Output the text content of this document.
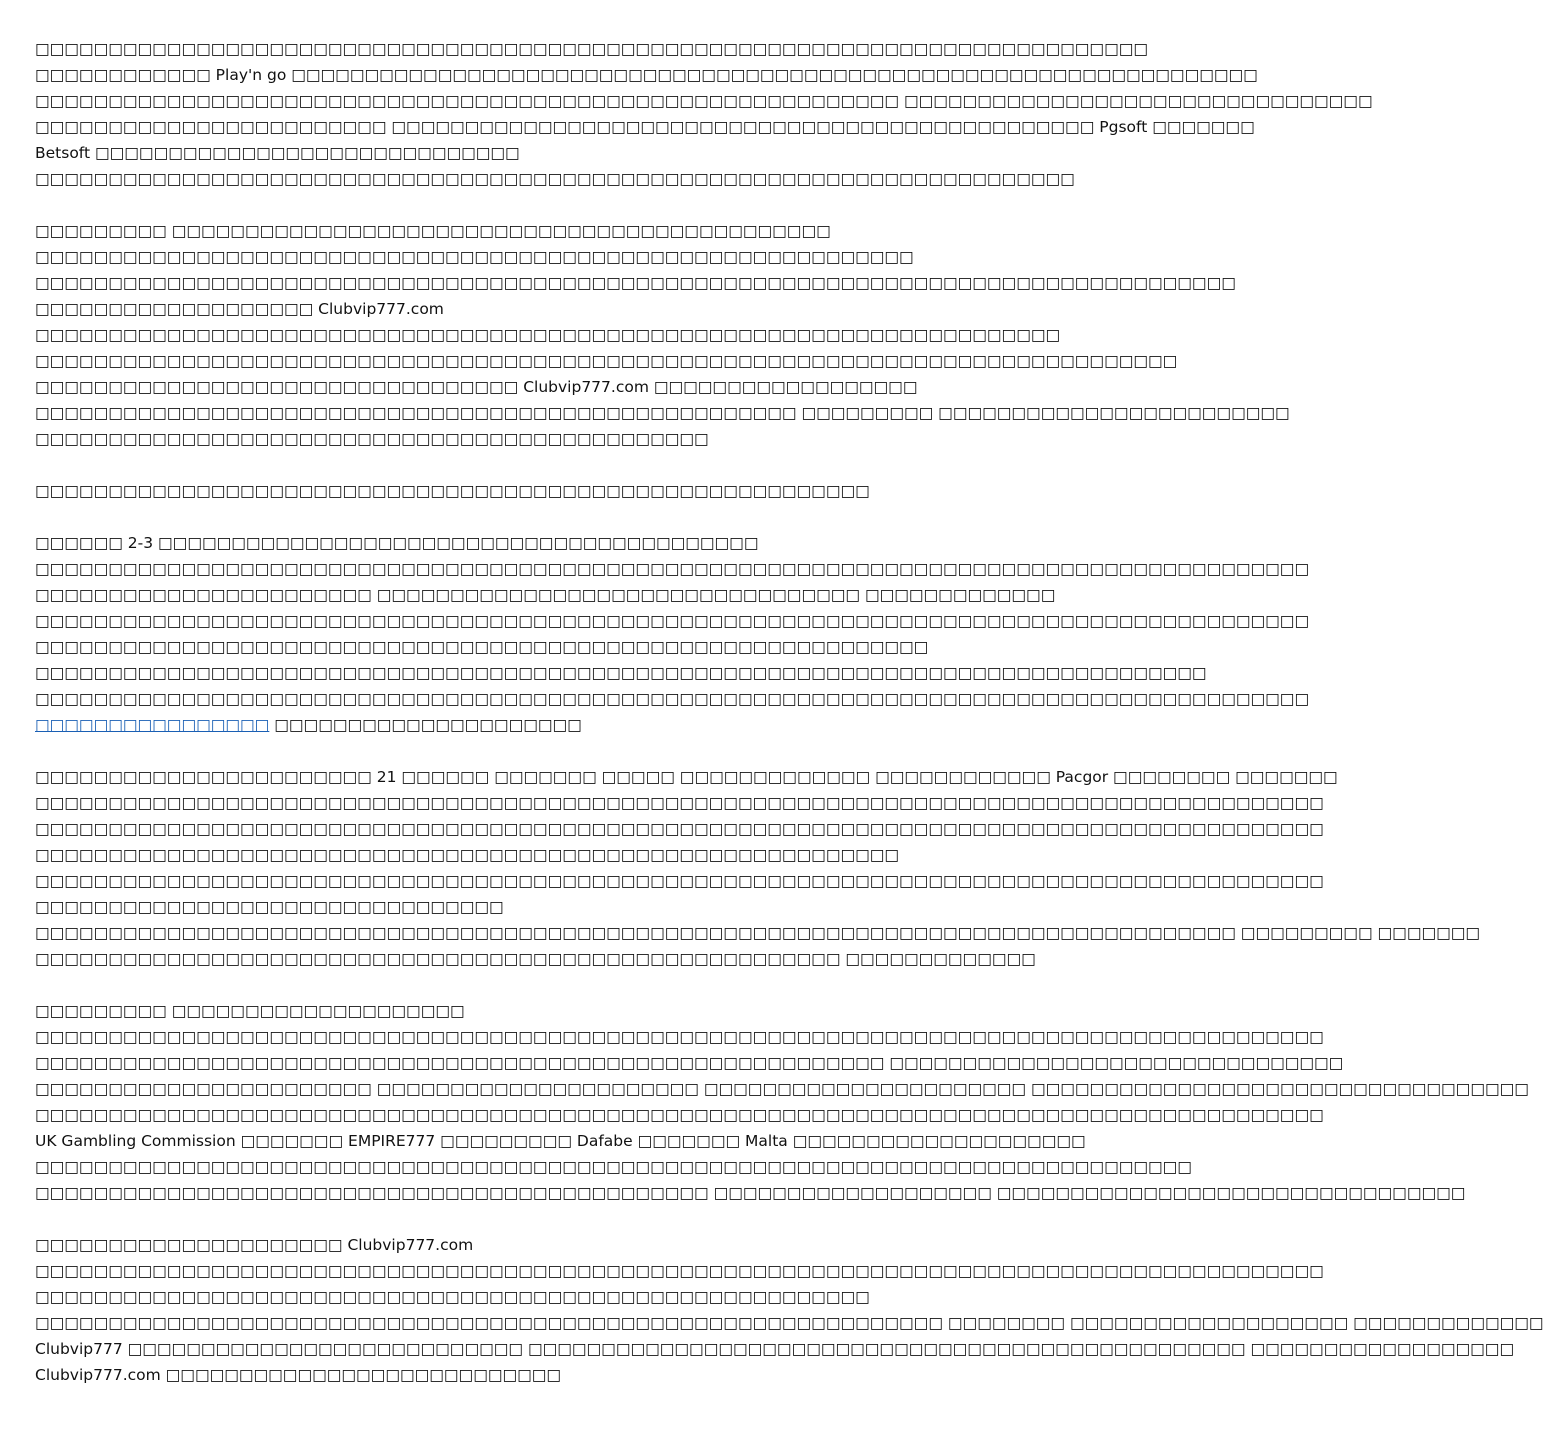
□□□□□□□□□□□□□□□□□□□□□□□□□□□□□□□□□□□□□□□□□□□□□□□□□□□□□□□□□□□□□□□□□□□□□□□□□□□□
□□□□□□□□□□□□ Play'n go □□□□□□□□□□□□□□□□□□□□□□□□□□□□□□□□□□□□□□□□□□□□□□□□□□□□□□□□□□□□□□□□□□
□□□□□□□□□□□□□□□□□□□□□□□□□□□□□□□□□□□□□□□□□□□□□□□□□□□□□□□□□□□ □□□□□□□□□□□□□□□□□□□□□□□□□□□□□□□□
□□□□□□□□□□□□□□□□□□□□□□□□ □□□□□□□□□□□□□□□□□□□□□□□□□□□□□□□□□□□□□□□□□□□□□□□□ Pgsoft □□□□□□□
Betsoft □□□□□□□□□□□□□□□□□□□□□□□□□□□□□
□□□□□□□□□□□□□□□□□□□□□□□□□□□□□□□□□□□□□□□□□□□□□□□□□□□□□□□□□□□□□□□□□□□□□□□
□□□□□□□□□ □□□□□□□□□□□□□□□□□□□□□□□□□□□□□□□□□□□□□□□□□□□□□
□□□□□□□□□□□□□□□□□□□□□□□□□□□□□□□□□□□□□□□□□□□□□□□□□□□□□□□□□□□□
□□□□□□□□□□□□□□□□□□□□□□□□□□□□□□□□□□□□□□□□□□□□□□□□□□□□□□□□□□□□□□□□□□□□□□□□□□□□□□□□□□
□□□□□□□□□□□□□□□□□□□ Clubvip777.com
□□□□□□□□□□□□□□□□□□□□□□□□□□□□□□□□□□□□□□□□□□□□□□□□□□□□□□□□□□□□□□□□□□□□□□
□□□□□□□□□□□□□□□□□□□□□□□□□□□□□□□□□□□□□□□□□□□□□□□□□□□□□□□□□□□□□□□□□□□□□□□□□□□□□□
□□□□□□□□□□□□□□□□□□□□□□□□□□□□□□□□□ Clubvip777.com □□□□□□□□□□□□□□□□□□
□□□□□□□□□□□□□□□□□□□□□□□□□□□□□□□□□□□□□□□□□□□□□□□□□□□□ □□□□□□□□□ □□□□□□□□□□□□□□□□□□□□□□□□
□□□□□□□□□□□□□□□□□□□□□□□□□□□□□□□□□□□□□□□□□□□□□□
□□□□□□□□□□□□□□□□□□□□□□□□□□□□□□□□□□□□□□□□□□□□□□□□□□□□□□□□□
□□□□□□ 2-3 □□□□□□□□□□□□□□□□□□□□□□□□□□□□□□□□□□□□□□□□□
□□□□□□□□□□□□□□□□□□□□□□□□□□□□□□□□□□□□□□□□□□□□□□□□□□□□□□□□□□□□□□□□□□□□□□□□□□□□□□□□□□□□□□□
□□□□□□□□□□□□□□□□□□□□□□□ □□□□□□□□□□□□□□□□□□□□□□□□□□□□□□□□□ □□□□□□□□□□□□□
□□□□□□□□□□□□□□□□□□□□□□□□□□□□□□□□□□□□□□□□□□□□□□□□□□□□□□□□□□□□□□□□□□□□□□□□□□□□□□□□□□□□□□□
□□□□□□□□□□□□□□□□□□□□□□□□□□□□□□□□□□□□□□□□□□□□□□□□□□□□□□□□□□□□□
□□□□□□□□□□□□□□□□□□□□□□□□□□□□□□□□□□□□□□□□□□□□□□□□□□□□□□□□□□□□□□□□□□□□□□□□□□□□□□□□
□□□□□□□□□□□□□□□□□□□□□□□□□□□□□□□□□□□□□□□□□□□□□□□□□□□□□□□□□□□□□□□□□□□□□□□□□□□□□□□□□□□□□□□
□□□□□□□□□□□□□□□□ □□□□□□□□□□□□□□□□□□□□□
□□□□□□□□□□□□□□□□□□□□□□□ 21 □□□□□□ □□□□□□□ □□□□□ □□□□□□□□□□□□□ □□□□□□□□□□□□ Pacgor □□□□□□□□ □□□□□□□
□□□□□□□□□□□□□□□□□□□□□□□□□□□□□□□□□□□□□□□□□□□□□□□□□□□□□□□□□□□□□□□□□□□□□□□□□□□□□□□□□□□□□□□□
□□□□□□□□□□□□□□□□□□□□□□□□□□□□□□□□□□□□□□□□□□□□□□□□□□□□□□□□□□□□□□□□□□□□□□□□□□□□□□□□□□□□□□□□
□□□□□□□□□□□□□□□□□□□□□□□□□□□□□□□□□□□□□□□□□□□□□□□□□□□□□□□□□□□
□□□□□□□□□□□□□□□□□□□□□□□□□□□□□□□□□□□□□□□□□□□□□□□□□□□□□□□□□□□□□□□□□□□□□□□□□□□□□□□□□□□□□□□□
□□□□□□□□□□□□□□□□□□□□□□□□□□□□□□□□
□□□□□□□□□□□□□□□□□□□□□□□□□□□□□□□□□□□□□□□□□□□□□□□□□□□□□□□□□□□□□□□□□□□□□□□□□□□□□□□□□□ □□□□□□□□□ □□□□□□□
□□□□□□□□□□□□□□□□□□□□□□□□□□□□□□□□□□□□□□□□□□□□□□□□□□□□□□□ □□□□□□□□□□□□□
□□□□□□□□□ □□□□□□□□□□□□□□□□□□□□
□□□□□□□□□□□□□□□□□□□□□□□□□□□□□□□□□□□□□□□□□□□□□□□□□□□□□□□□□□□□□□□□□□□□□□□□□□□□□□□□□□□□□□□□
□□□□□□□□□□□□□□□□□□□□□□□□□□□□□□□□□□□□□□□□□□□□□□□□□□□□□□□□□□ □□□□□□□□□□□□□□□□□□□□□□□□□□□□□□□
□□□□□□□□□□□□□□□□□□□□□□□ □□□□□□□□□□□□□□□□□□□□□□ □□□□□□□□□□□□□□□□□□□□□□ □□□□□□□□□□□□□□□□□□□□□□□□□□□□□□□□□□
□□□□□□□□□□□□□□□□□□□□□□□□□□□□□□□□□□□□□□□□□□□□□□□□□□□□□□□□□□□□□□□□□□□□□□□□□□□□□□□□□□□□□□□□
UK Gambling Commission □□□□□□□ EMPIRE777 □□□□□□□□□ Dafabe □□□□□□□ Malta □□□□□□□□□□□□□□□□□□□□
□□□□□□□□□□□□□□□□□□□□□□□□□□□□□□□□□□□□□□□□□□□□□□□□□□□□□□□□□□□□□□□□□□□□□□□□□□□□□□□
□□□□□□□□□□□□□□□□□□□□□□□□□□□□□□□□□□□□□□□□□□□□□□ □□□□□□□□□□□□□□□□□□□ □□□□□□□□□□□□□□□□□□□□□□□□□□□□□□□□
□□□□□□□□□□□□□□□□□□□□□ Clubvip777.com
□□□□□□□□□□□□□□□□□□□□□□□□□□□□□□□□□□□□□□□□□□□□□□□□□□□□□□□□□□□□□□□□□□□□□□□□□□□□□□□□□□□□□□□□
□□□□□□□□□□□□□□□□□□□□□□□□□□□□□□□□□□□□□□□□□□□□□□□□□□□□□□□□□
□□□□□□□□□□□□□□□□□□□□□□□□□□□□□□□□□□□□□□□□□□□□□□□□□□□□□□□□□□□□□□ □□□□□□□□ □□□□□□□□□□□□□□□□□□□ □□□□□□□□□□□□□
Clubvip777 □□□□□□□□□□□□□□□□□□□□□□□□□□□ □□□□□□□□□□□□□□□□□□□□□□□□□□□□□□□□□□□□□□□□□□□□□□□□□ □□□□□□□□□□□□□□□□□□
Clubvip777.com □□□□□□□□□□□□□□□□□□□□□□□□□□□
